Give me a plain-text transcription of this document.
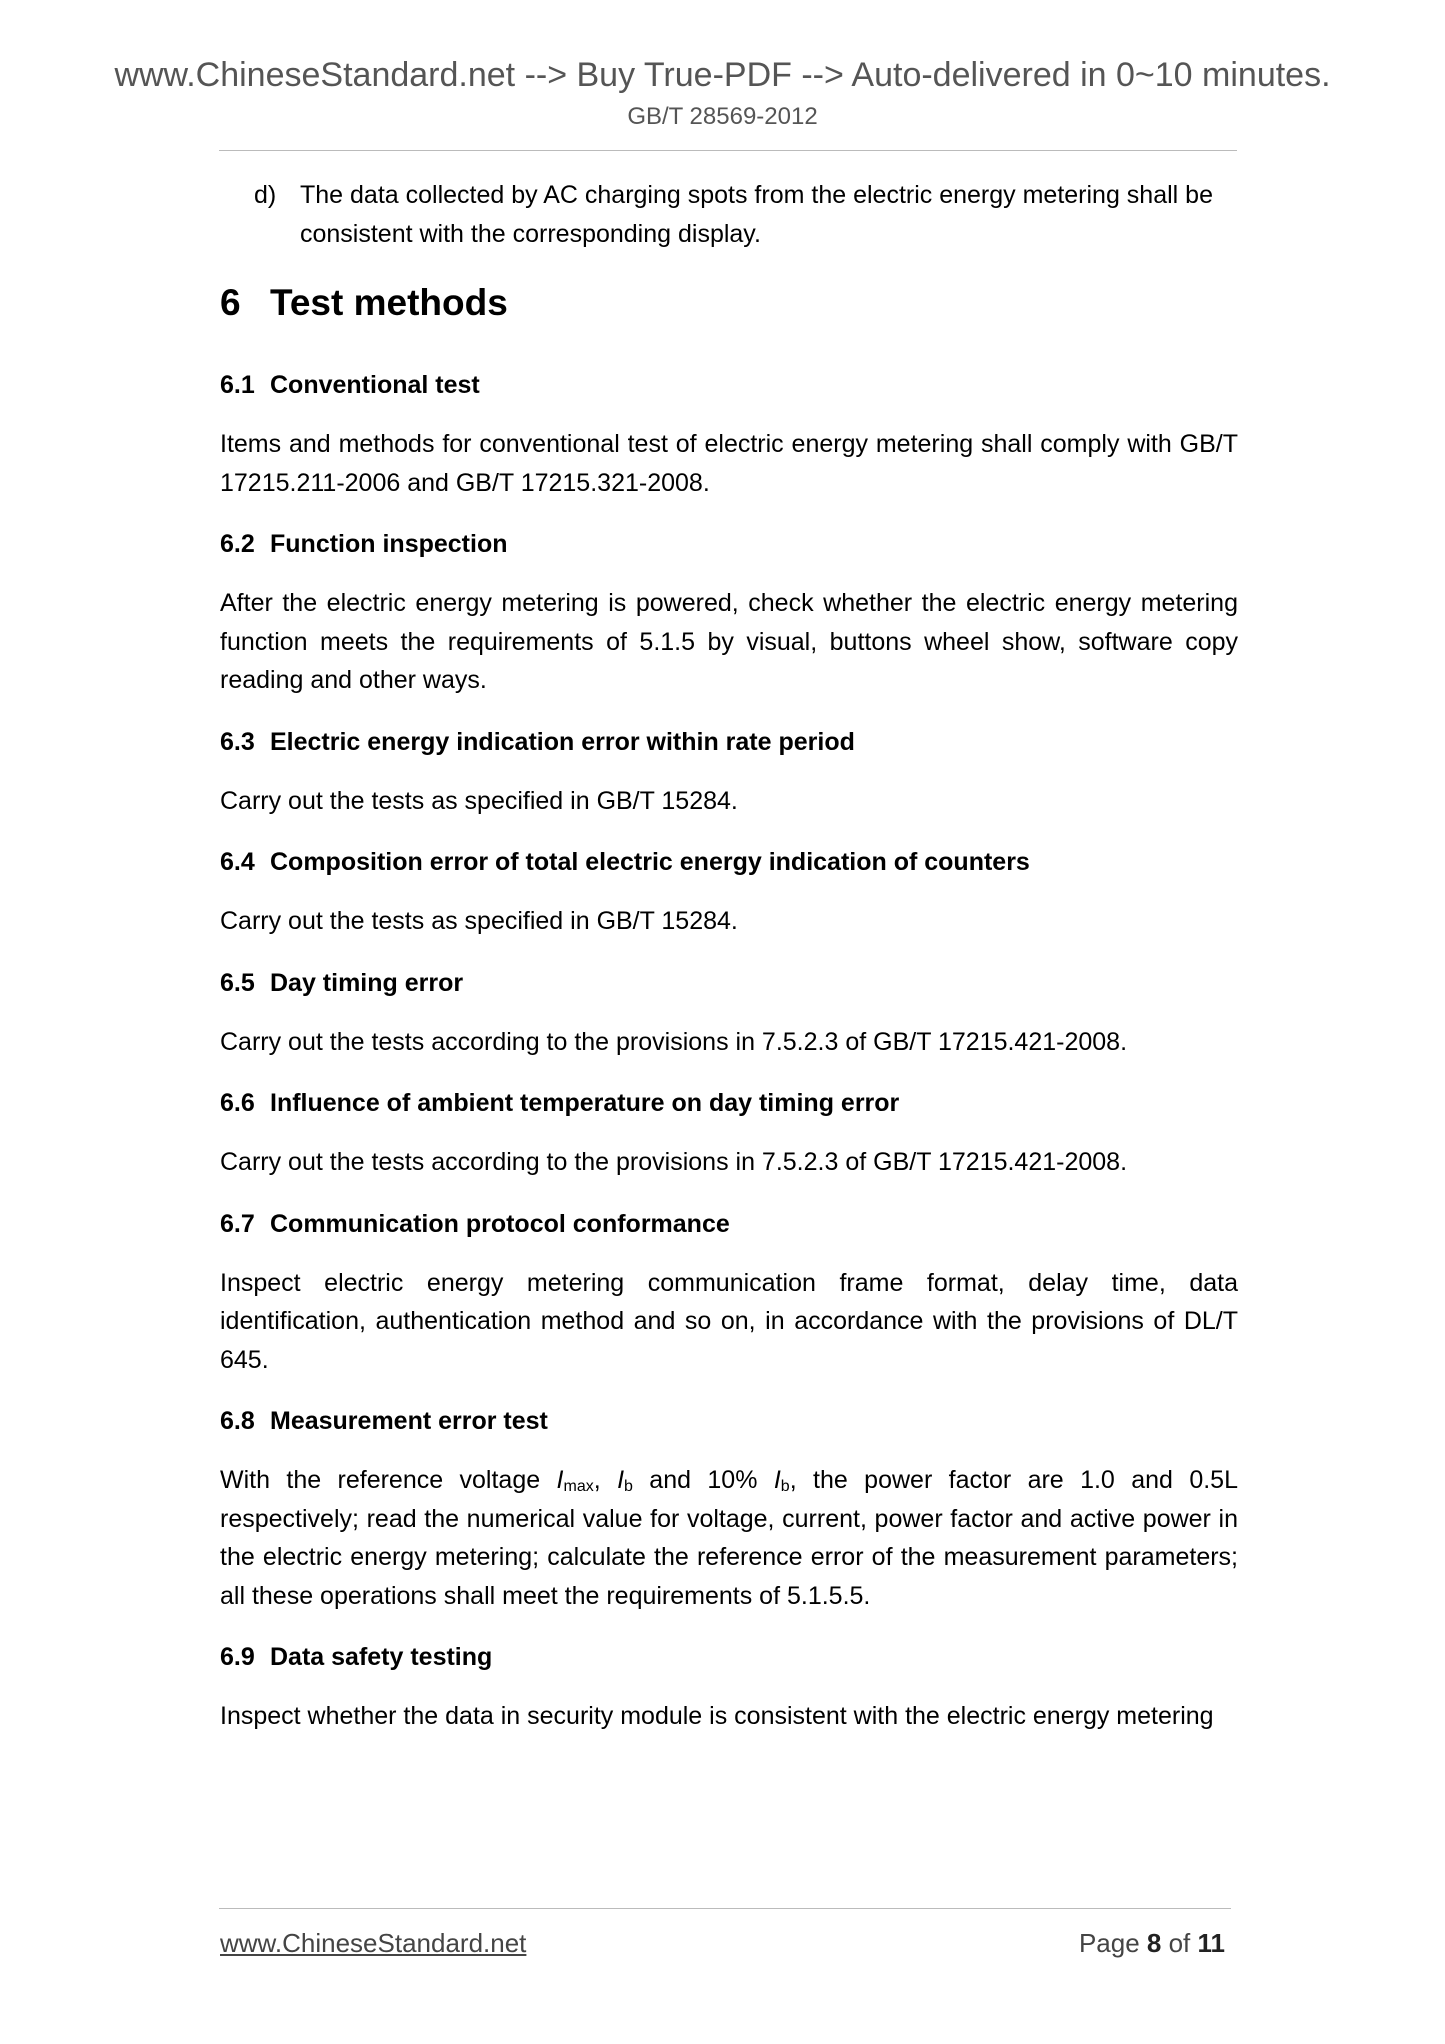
www.ChineseStandard.net --> Buy True-PDF --> Auto-delivered in 0~10 minutes.
GB/T 28569-2012
d) The data collected by AC charging spots from the electric energy metering shall be consistent with the corresponding display.
6 Test methods
6.1 Conventional test

Items and methods for conventional test of electric energy metering shall comply with GB/T 17215.211-2006 and GB/T 17215.321-2008.

6.2 Function inspection

After the electric energy metering is powered, check whether the electric energy metering function meets the requirements of 5.1.5 by visual, buttons wheel show, software copy reading and other ways.

6.3 Electric energy indication error within rate period

Carry out the tests as specified in GB/T 15284.

6.4 Composition error of total electric energy indication of counters

Carry out the tests as specified in GB/T 15284.

6.5 Day timing error

Carry out the tests according to the provisions in 7.5.2.3 of GB/T 17215.421-2008.

6.6 Influence of ambient temperature on day timing error

Carry out the tests according to the provisions in 7.5.2.3 of GB/T 17215.421-2008.

6.7 Communication protocol conformance

Inspect electric energy metering communication frame format, delay time, data identification, authentication method and so on, in accordance with the provisions of DL/T 645.

6.8 Measurement error test

With the reference voltage $I_{max}$, $I_b$ and 10% $I_b$, the power factor are 1.0 and 0.5L respectively; read the numerical value for voltage, current, power factor and active power in the electric energy metering; calculate the reference error of the measurement parameters; all these operations shall meet the requirements of 5.1.5.5.

6.9 Data safety testing

Inspect whether the data in security module is consistent with the electric energy metering

www.ChineseStandard.net	Page 8 of 11
